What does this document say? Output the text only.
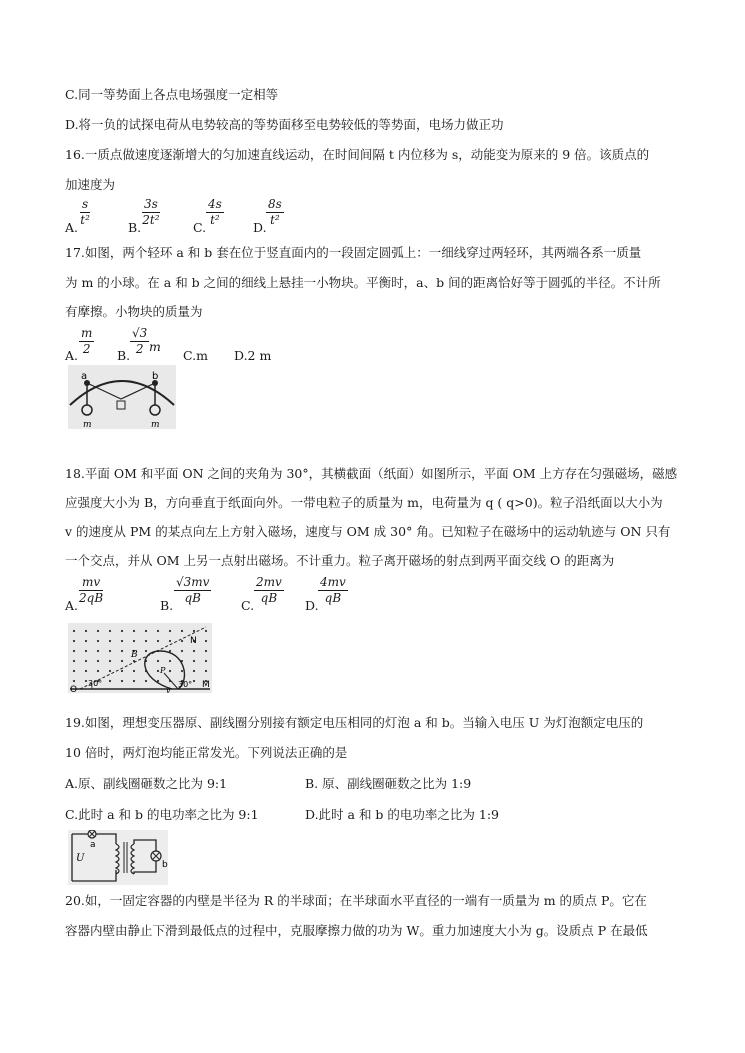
C.同一等势面上各点电场强度一定相等
D.将一负的试探电荷从电势较高的等势面移至电势较低的等势面，电场力做正功
16.一质点做速度逐渐增大的匀加速直线运动，在时间间隔 t 内位移为 s，动能变为原来的 9 倍。该质点的
加速度为
A. $\frac{s}{\text{t²}}$	B. $\frac{3s}{\text{2t²}}$	C. $\frac{4s}{\text{t²}} D$. $\frac{8s}{\text{t²}}$
17.如图，两个轻环 a 和 b 套在位于竖直面内的一段固定圆弧上：一细线穿过两轻环，其两端各系一质量
为 m 的小球。在 a 和 b 之间的细线上悬挂一小物块。平衡时，a、b 间的距离恰好等于圆弧的半径。不计所
有摩擦。小物块的质量为
A. $\frac{m}{2} B$. $\frac{√3}{2}$ m
C.m D.2 m
a	b
m	m
18.平面 OM 和平面 ON 之间的夹角为 30°，其横截面（纸面）如图所示，平面 OM 上方存在匀强磁场，磁感
应强度大小为 B，方向垂直于纸面向外。一带电粒子的质量为 m，电荷量为 q ( q>0)。粒子沿纸面以大小为
v 的速度从 PM 的某点向左上方射入磁场，速度与 OM 成 30° 角。已知粒子在磁场中的运动轨迹与 ON 只有
一个交点，并从 OM 上另一点射出磁场。不计重力。粒子离开磁场的射点到两平面交线 O 的距离为
A. $\frac{mv}{2qB}$	B. $\frac{√3mv}{qB} C$. $\frac{2mv}{qB} D$. $\frac{4mv}{qB}$
N
B
O	M
P
v
30°	30°
19.如图，理想变压器原、副线圈分别接有额定电压相同的灯泡 a 和 b。当输入电压 U 为灯泡额定电压的
10 倍时，两灯泡均能正常发光。下列说法正确的是
A.原、副线圈砸数之比为 9:1	B. 原、副线圈砸数之比为 1:9
C.此时 a 和 b 的电功率之比为 9:1	D.此时 a 和 b 的电功率之比为 1:9
a
b
U
20.如，一固定容器的内壁是半径为 R 的半球面；在半球面水平直径的一端有一质量为 m 的质点 P。它在
容器内壁由静止下滑到最低点的过程中，克服摩擦力做的功为 W。重力加速度大小为 g。设质点 P 在最低
